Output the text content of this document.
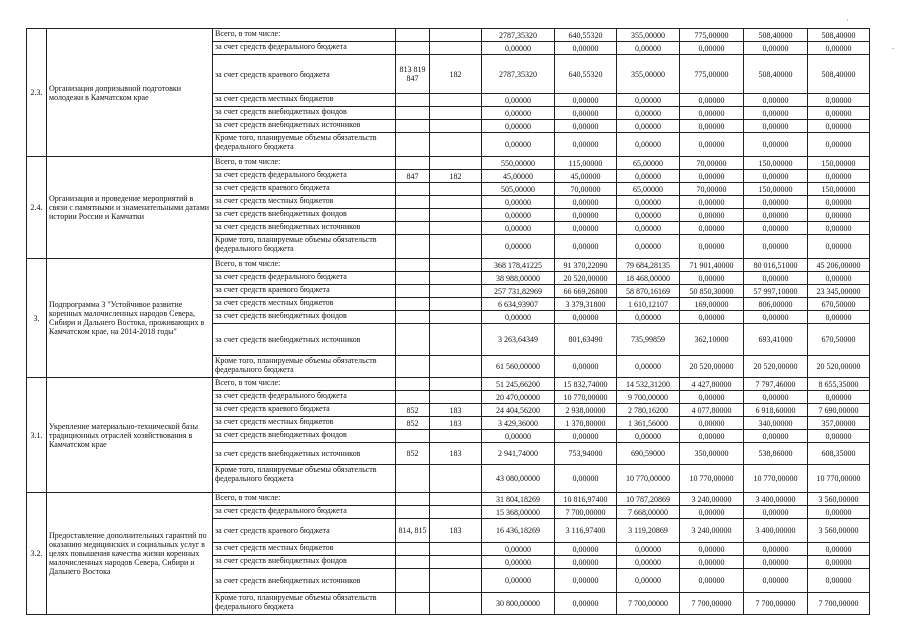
˙
.
2.3.	Организация допризывной подготовки молодежи в Камчатском крае	Всего, в том числе:			2787,35320	640,55320	355,00000	775,00000	508,40000	508,40000
		за счет средств федерального бюджета			0,00000	0,00000	0,00000	0,00000	0,00000	0,00000
		за счет средств краевого бюджета	813 819 847	182	2787,35320	640,55320	355,00000	775,00000	508,40000	508,40000
		за счет средств местных бюджетов			0,00000	0,00000	0,00000	0,00000	0,00000	0,00000
		за счет средств внебюджетных фондов			0,00000	0,00000	0,00000	0,00000	0,00000	0,00000
		за счет средств внебюджетных источников			0,00000	0,00000	0,00000	0,00000	0,00000	0,00000
		Кроме того, планируемые объемы обязательств федерального бюджета			0,00000	0,00000	0,00000	0,00000	0,00000	0,00000
2.4.	Организация и проведение мероприятий в связи с памятными и знаменательными датами истории России и Камчатки	Всего, в том числе:			550,00000	115,00000	65,00000	70,00000	150,00000	150,00000
		за счет средств федерального бюджета	847	182	45,00000	45,00000	0,00000	0,00000	0,00000	0,00000
		за счет средств краевого бюджета			505,00000	70,00000	65,00000	70,00000	150,00000	150,00000
		за счет средств местных бюджетов			0,00000	0,00000	0,00000	0,00000	0,00000	0,00000
		за счет средств внебюджетных фондов			0,00000	0,00000	0,00000	0,00000	0,00000	0,00000
		за счет средств внебюджетных источников			0,00000	0,00000	0,00000	0,00000	0,00000	0,00000
		Кроме того, планируемые объемы обязательств федерального бюджета			0,00000	0,00000	0,00000	0,00000	0,00000	0,00000
3.	Подпрограмма 3 "Устойчивое развитие коренных малочисленных народов Севера, Сибири и Дальнего Востока, проживающих в Камчатском крае, на 2014-2018 годы"	Всего, в том числе:			368 178,41225	91 370,22090	79 684,28135	71 901,40000	80 016,51000	45 206,00000
		за счет средств федерального бюджета			38 988,00000	20 520,00000	18 468,00000	0,00000	0,00000	0,00000
		за счет средств краевого бюджета			257 731,82969	66 669,26800	58 870,16169	50 850,30000	57 997,10000	23 345,00000
		за счет средств местных бюджетов			6 634,93907	3 379,31800	1 610,12107	169,00000	806,00000	670,50000
		за счет средств внебюджетных фондов			0,00000	0,00000	0,00000	0,00000	0,00000	0,00000
		за счет средств внебюджетных источников			3 263,64349	801,63490	735,99859	362,10000	693,41000	670,50000
		Кроме того, планируемые объемы обязательств федерального бюджета			61 560,00000	0,00000	0,00000	20 520,00000	20 520,00000	20 520,00000
3.1.	Укрепление материально-технической базы традиционных отраслей хозяйствования в Камчатском крае	Всего, в том числе:			51 245,66200	15 832,74000	14 532,31200	4 427,80000	7 797,46000	8 655,35000
		за счет средств федерального бюджета			20 470,00000	10 770,00000	9 700,00000	0,00000	0,00000	0,00000
		за счет средств краевого бюджета	852	183	24 404,56200	2 938,00000	2 780,16200	4 077,80000	6 918,60000	7 690,00000
		за счет средств местных бюджетов	852	183	3 429,36000	1 370,80000	1 361,56000	0,00000	340,00000	357,00000
		за счет средств внебюджетных фондов			0,00000	0,00000	0,00000	0,00000	0,00000	0,00000
		за счет средств внебюджетных источников	852	183	2 941,74000	753,94000	690,59000	350,00000	538,86000	608,35000
		Кроме того, планируемые объемы обязательств федерального бюджета			43 080,00000	0,00000	10 770,00000	10 770,00000	10 770,00000	10 770,00000
3.2.	Предоставление дополнительных гарантий по оказанию медицинских и социальных услуг в целях повышения качества жизни коренных малочисленных народов Севера, Сибири и Дальнего Востока	Всего, в том числе:			31 804,18269	10 816,97400	10 787,20869	3 240,00000	3 400,00000	3 560,00000
		за счет средств федерального бюджета			15 368,00000	7 700,00000	7 668,00000	0,00000	0,00000	0,00000
		за счет средств краевого бюджета	814, 815	183	16 436,18269	3 116,97400	3 119,20869	3 240,00000	3 400,00000	3 560,00000
		за счет средств местных бюджетов			0,00000	0,00000	0,00000	0,00000	0,00000	0,00000
		за счет средств внебюджетных фондов			0,00000	0,00000	0,00000	0,00000	0,00000	0,00000
		за счет средств внебюджетных источников			0,00000	0,00000	0,00000	0,00000	0,00000	0,00000
		Кроме того, планируемые объемы обязательств федерального бюджета			30 800,00000	0,00000	7 700,00000	7 700,00000	7 700,00000	7 700,00000
